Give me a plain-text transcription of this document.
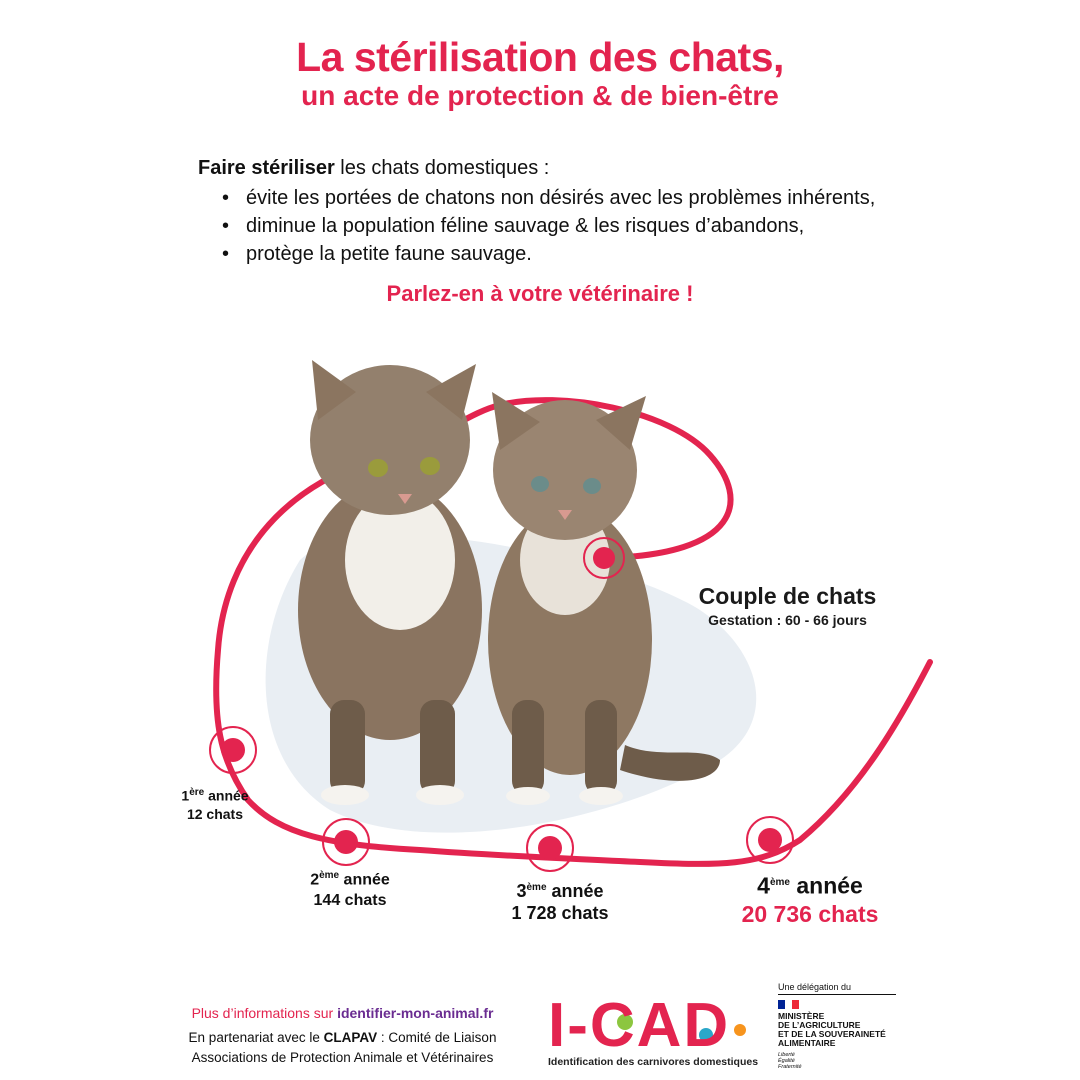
La stérilisation des chats,
un acte de protection & de bien-être
Faire stériliser les chats domestiques :
• évite les portées de chatons non désirés avec les problèmes inhérents,
• diminue la population féline sauvage & les risques d’abandons,
• protège la petite faune sauvage.
Parlez-en à votre vétérinaire !
Couple de chats
Gestation : 60 - 66 jours
1ère année
12 chats
2ème année
144 chats	3ème année
1 728 chats
4ème année
20 736 chats
Plus d’informations sur identifier-mon-animal.fr
En partenariat avec le CLAPAV : Comité de Liaison
Associations de Protection Animale et Vétérinaires I-CAD
Identification des carnivores domestiques
Une délégation du
MINISTÈRE
DE L’AGRICULTURE
ET DE LA SOUVERAINETÉ
ALIMENTAIRE
Liberté
Égalité
Fraternité
